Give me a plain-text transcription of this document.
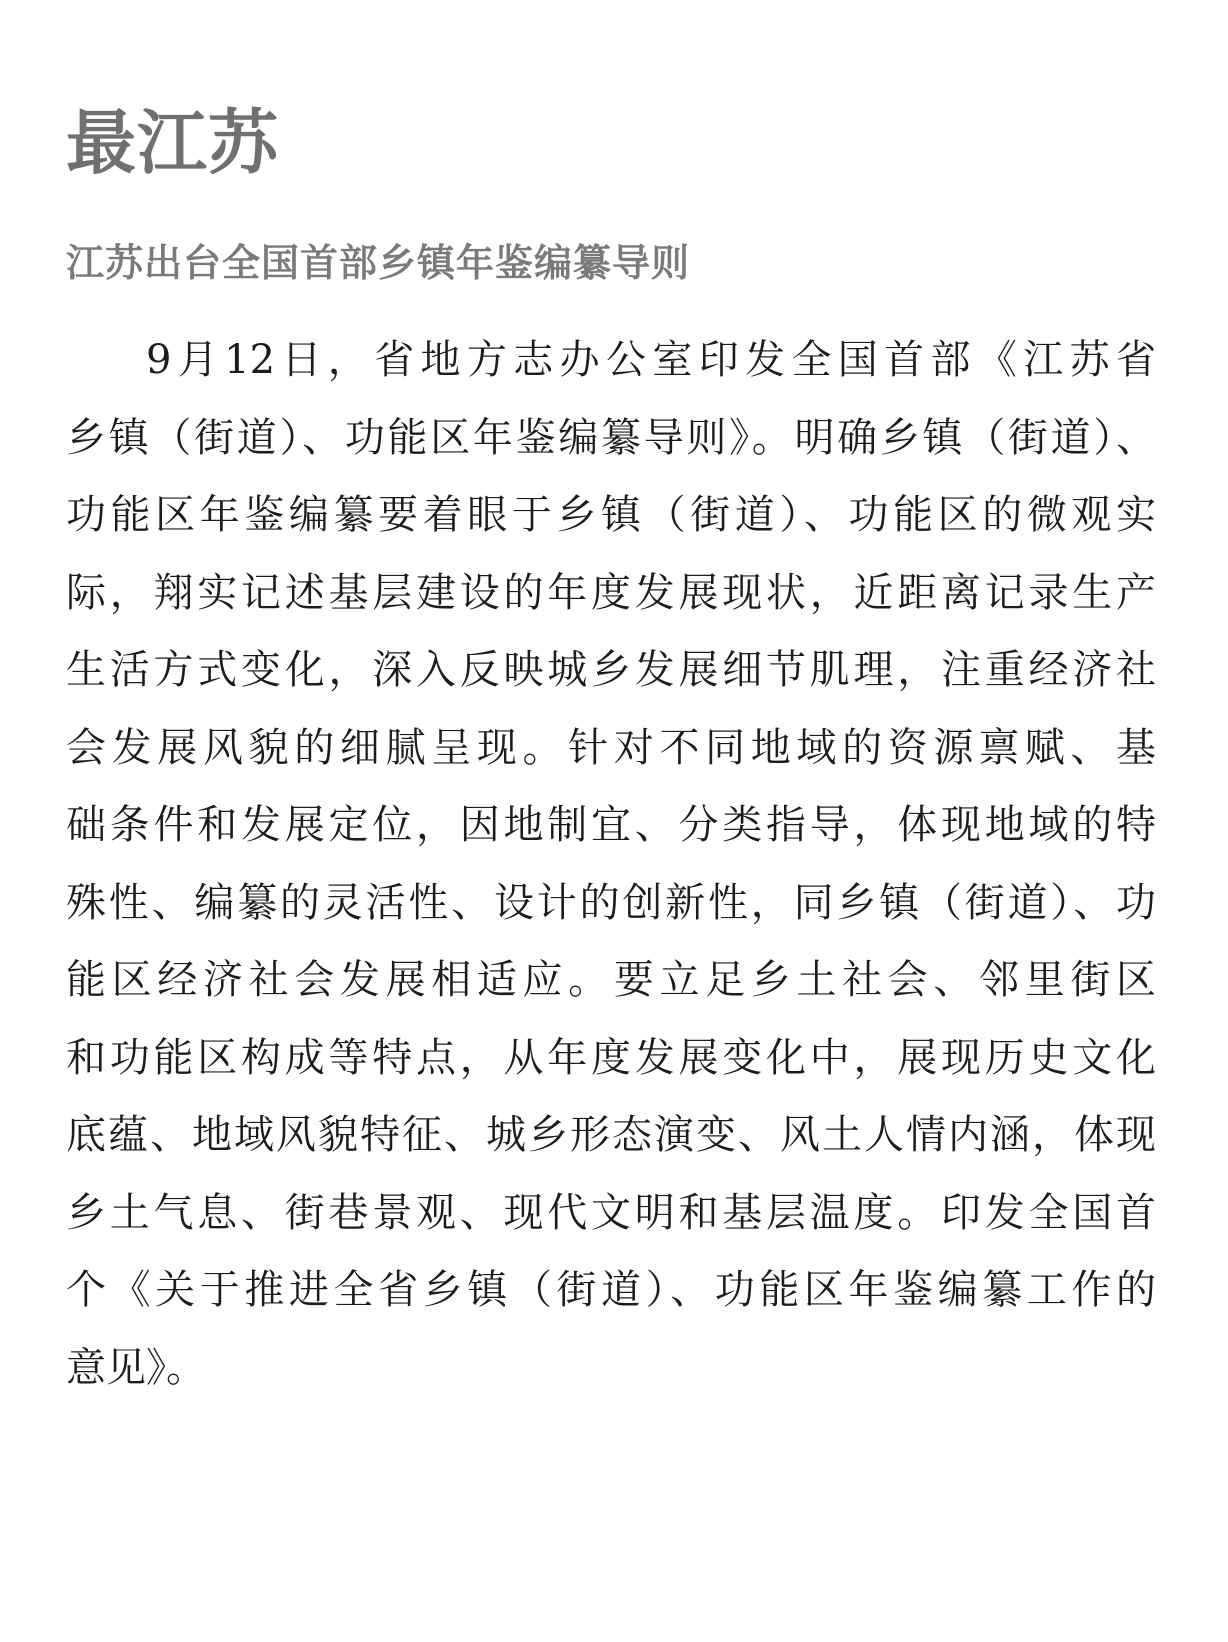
最江苏
江苏出台全国首部乡镇年鉴编纂导则
9月12日，省地方志办公室印发全国首部《江苏省
乡镇（街道）、功能区年鉴编纂导则》。明确乡镇（街道）、
功能区年鉴编纂要着眼于乡镇（街道）、功能区的微观实
际，翔实记述基层建设的年度发展现状，近距离记录生产
生活方式变化，深入反映城乡发展细节肌理，注重经济社
会发展风貌的细腻呈现。针对不同地域的资源禀赋、基
础条件和发展定位，因地制宜、分类指导，体现地域的特
殊性、编纂的灵活性、设计的创新性，同乡镇（街道）、功
能区经济社会发展相适应。要立足乡土社会、邻里街区
和功能区构成等特点，从年度发展变化中，展现历史文化
底蕴、地域风貌特征、城乡形态演变、风土人情内涵，体现
乡土气息、街巷景观、现代文明和基层温度。印发全国首
个《关于推进全省乡镇（街道）、功能区年鉴编纂工作的
意见》。
